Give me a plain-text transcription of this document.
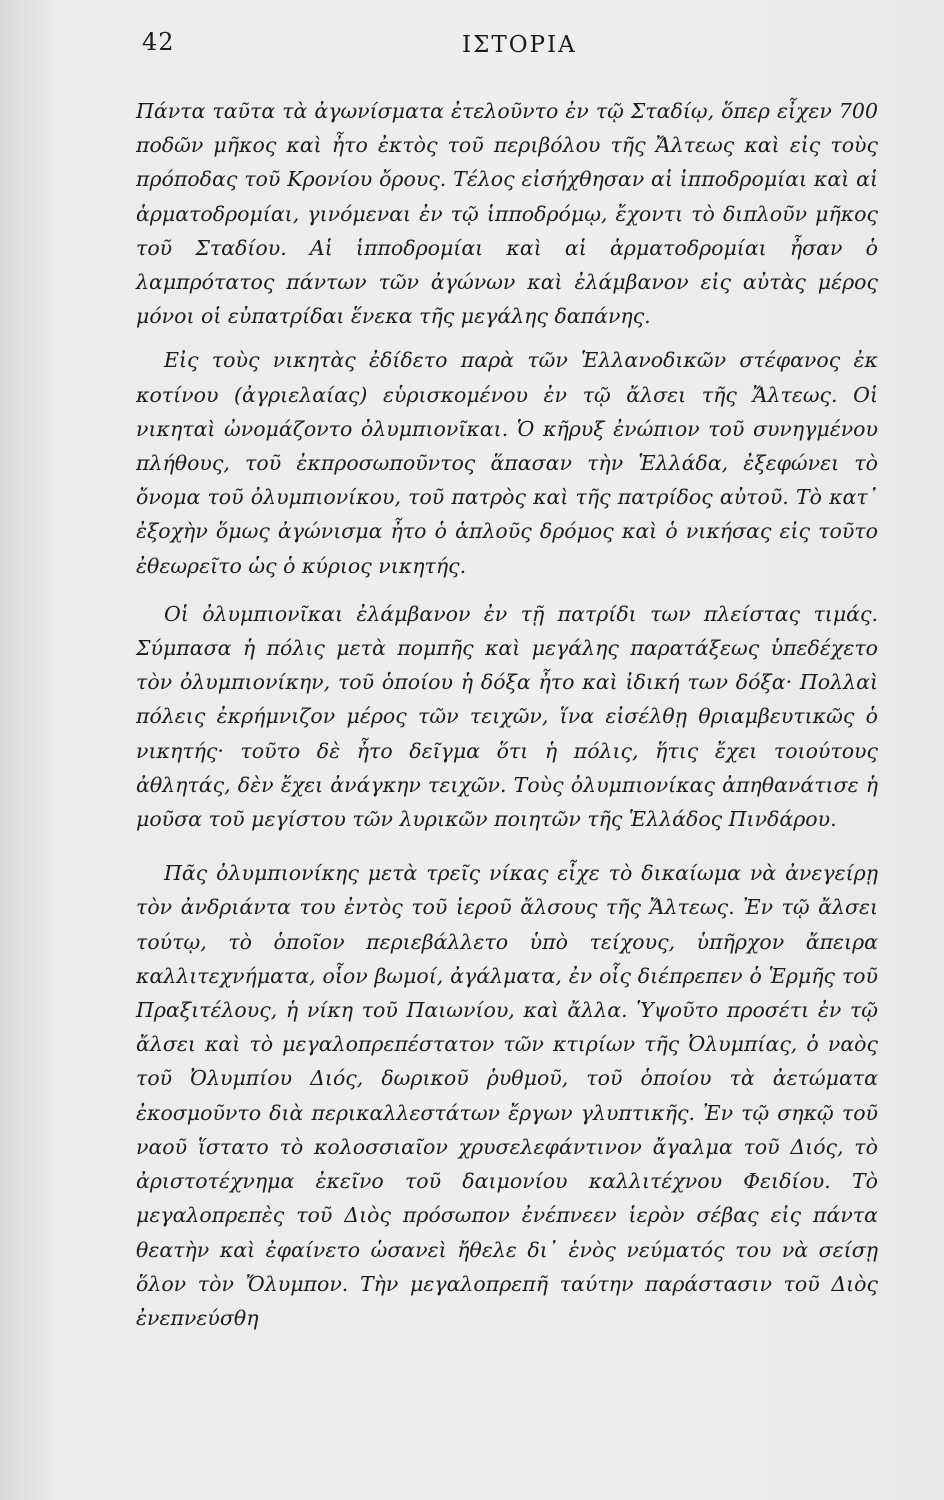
42	ΙΣΤΟΡΙΑ

Πάντα ταῦτα τὰ ἀγωνίσματα ἐτελοῦντο ἐν τῷ Σταδίῳ, ὅπερ εἶχεν 700 ποδῶν μῆκος καὶ ἦτο ἐκτὸς τοῦ περιβόλου τῆς Ἄλτεως καὶ εἰς τοὺς πρόποδας τοῦ Κρονίου ὄρους. Τέλος εἰσήχθησαν αἱ ἱπποδρομίαι καὶ αἱ ἁρματοδρομίαι, γινόμεναι ἐν τῷ ἱπποδρόμῳ, ἔχοντι τὸ διπλοῦν μῆκος τοῦ Σταδίου. Αἱ ἱπποδρομίαι καὶ αἱ ἁρματοδρομίαι ἦσαν ὁ λαμπρότατος πάντων τῶν ἀγώνων καὶ ἐλάμβανον εἰς αὐτὰς μέρος μόνοι οἱ εὐπατρίδαι ἕνεκα τῆς μεγάλης δαπάνης.

Εἰς τοὺς νικητὰς ἐδίδετο παρὰ τῶν Ἑλλανοδικῶν στέφανος ἐκ κοτίνου (ἀγριελαίας) εὑρισκομένου ἐν τῷ ἄλσει τῆς Ἄλτεως. Οἱ νικηταὶ ὠνομάζοντο ὀλυμπιονῖκαι. Ὁ κῆρυξ ἐνώπιον τοῦ συνηγμένου πλήθους, τοῦ ἐκπροσωποῦντος ἅπασαν τὴν Ἑλλάδα, ἐξεφώνει τὸ ὄνομα τοῦ ὀλυμπιονίκου, τοῦ πατρὸς καὶ τῆς πατρίδος αὐτοῦ. Τὸ κατ᾽ ἐξοχὴν ὅμως ἀγώνισμα ἦτο ὁ ἁπλοῦς δρόμος καὶ ὁ νικήσας εἰς τοῦτο ἐθεωρεῖτο ὡς ὁ κύριος νικητής.

Οἱ ὀλυμπιονῖκαι ἐλάμβανον ἐν τῇ πατρίδι των πλείστας τιμάς. Σύμπασα ἡ πόλις μετὰ πομπῆς καὶ μεγάλης παρατάξεως ὑπεδέχετο τὸν ὀλυμπιονίκην, τοῦ ὁποίου ἡ δόξα ἦτο καὶ ἰδική των δόξα· Πολλαὶ πόλεις ἐκρήμνιζον μέρος τῶν τειχῶν, ἵνα εἰσέλθῃ θριαμβευτικῶς ὁ νικητής· τοῦτο δὲ ἦτο δεῖγμα ὅτι ἡ πόλις, ἥτις ἔχει τοιούτους ἀθλητάς, δὲν ἔχει ἀνάγκην τειχῶν. Τοὺς ὀλυμπιονίκας ἀπηθανάτισε ἡ μοῦσα τοῦ μεγίστου τῶν λυρικῶν ποιητῶν τῆς Ἑλλάδος Πινδάρου.

Πᾶς ὀλυμπιονίκης μετὰ τρεῖς νίκας εἶχε τὸ δικαίωμα νὰ ἀνεγείρῃ τὸν ἀνδριάντα του ἐντὸς τοῦ ἱεροῦ ἄλσους τῆς Ἄλτεως. Ἐν τῷ ἄλσει τούτῳ, τὸ ὁποῖον περιεβάλλετο ὑπὸ τείχους, ὑπῆρχον ἄπειρα καλλιτεχνήματα, οἷον βωμοί, ἀγάλματα, ἐν οἷς διέπρεπεν ὁ Ἑρμῆς τοῦ Πραξιτέλους, ἡ νίκη τοῦ Παιωνίου, καὶ ἄλλα. Ὑψοῦτο προσέτι ἐν τῷ ἄλσει καὶ τὸ μεγαλοπρεπέστατον τῶν κτιρίων τῆς Ὀλυμπίας, ὁ ναὸς τοῦ Ὀλυμπίου Διός, δωρικοῦ ῥυθμοῦ, τοῦ ὁποίου τὰ ἀετώματα ἐκοσμοῦντο διὰ περικαλλεστάτων ἔργων γλυπτικῆς. Ἐν τῷ σηκῷ τοῦ ναοῦ ἵστατο τὸ κολοσσιαῖον χρυσελεφάντινον ἄγαλμα τοῦ Διός, τὸ ἀριστοτέχνημα ἐκεῖνο τοῦ δαιμονίου καλλιτέχνου Φειδίου. Τὸ μεγαλοπρεπὲς τοῦ Διὸς πρόσωπον ἐνέπνεεν ἱερὸν σέβας εἰς πάντα θεατὴν καὶ ἐφαίνετο ὡσανεὶ ἤθελε δι᾽ ἑνὸς νεύματός του νὰ σείσῃ ὅλον τὸν Ὄλυμπον. Τὴν μεγαλοπρεπῆ ταύτην παράστασιν τοῦ Διὸς ἐνεπνεύσθη
